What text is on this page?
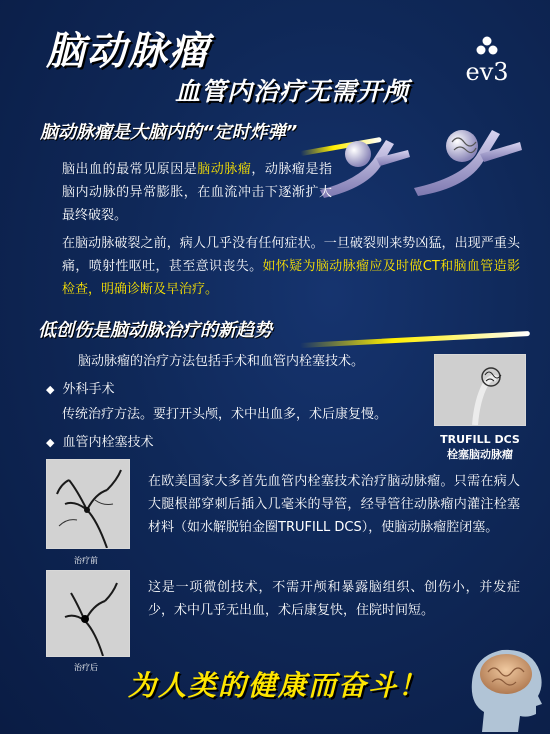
脑动脉瘤
血管内治疗无需开颅
ev3
脑动脉瘤是大脑内的“定时炸弹”
脑出血的最常见原因是脑动脉瘤，动脉瘤是指脑内动脉的异常膨胀，在血流冲击下逐渐扩大最终破裂。
在脑动脉破裂之前，病人几乎没有任何症状。一旦破裂则来势凶猛，出现严重头痛，喷射性呕吐，甚至意识丧失。如怀疑为脑动脉瘤应及时做CT和脑血管造影检查，明确诊断及早治疗。
低创伤是脑动脉治疗的新趋势
脑动脉瘤的治疗方法包括手术和血管内栓塞技术。
◆ 外科手术
传统治疗方法。要打开头颅，术中出血多，术后康复慢。
◆ 血管内栓塞技术	TRUFILL DCS
栓塞脑动脉瘤
在欧美国家大多首先血管内栓塞技术治疗脑动脉瘤。只需在病人大腿根部穿刺后插入几毫米的导管，经导管往动脉瘤内灌注栓塞材料（如水解脱铂金圈TRUFILL DCS），使脑动脉瘤腔闭塞。
这是一项微创技术，不需开颅和暴露脑组织、创伤小，并发症少，术中几乎无出血，术后康复快，住院时间短。
治疗前
治疗后
为人类的健康而奋斗！
